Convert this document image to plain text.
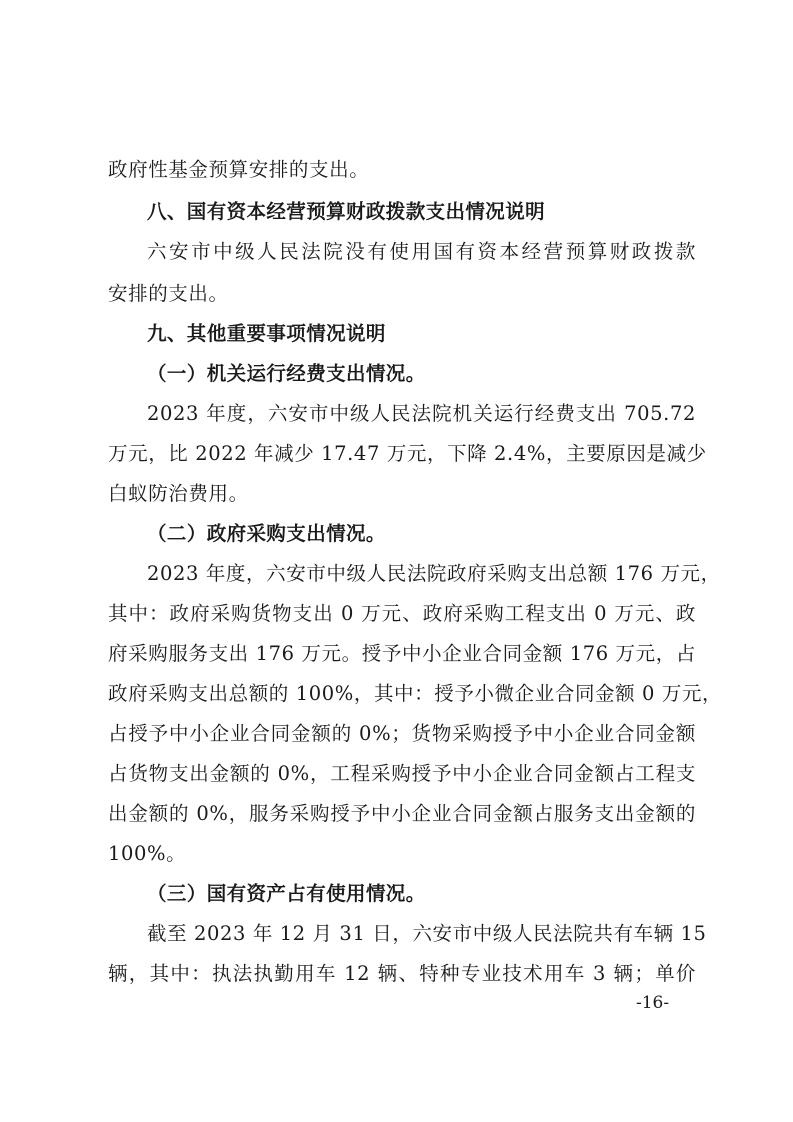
政府性基金预算安排的支出。
八、国有资本经营预算财政拨款支出情况说明
六安市中级人民法院没有使用国有资本经营预算财政拨款
安排的支出。
九、其他重要事项情况说明
（一）机关运行经费支出情况。
2023 年度，六安市中级人民法院机关运行经费支出 705.72
万元，比 2022 年减少 17.47 万元，下降 2.4%，主要原因是减少
白蚁防治费用。
（二）政府采购支出情况。
2023 年度，六安市中级人民法院政府采购支出总额 176 万元，
其中：政府采购货物支出 0 万元、政府采购工程支出 0 万元、政
府采购服务支出 176 万元。授予中小企业合同金额 176 万元，占
政府采购支出总额的 100%，其中：授予小微企业合同金额 0 万元，
占授予中小企业合同金额的 0%；货物采购授予中小企业合同金额
占货物支出金额的 0%，工程采购授予中小企业合同金额占工程支
出金额的 0%，服务采购授予中小企业合同金额占服务支出金额的
100%。
（三）国有资产占有使用情况。
截至 2023 年 12 月 31 日，六安市中级人民法院共有车辆 15
辆，其中：执法执勤用车 12 辆、特种专业技术用车 3 辆；单价
-16-
